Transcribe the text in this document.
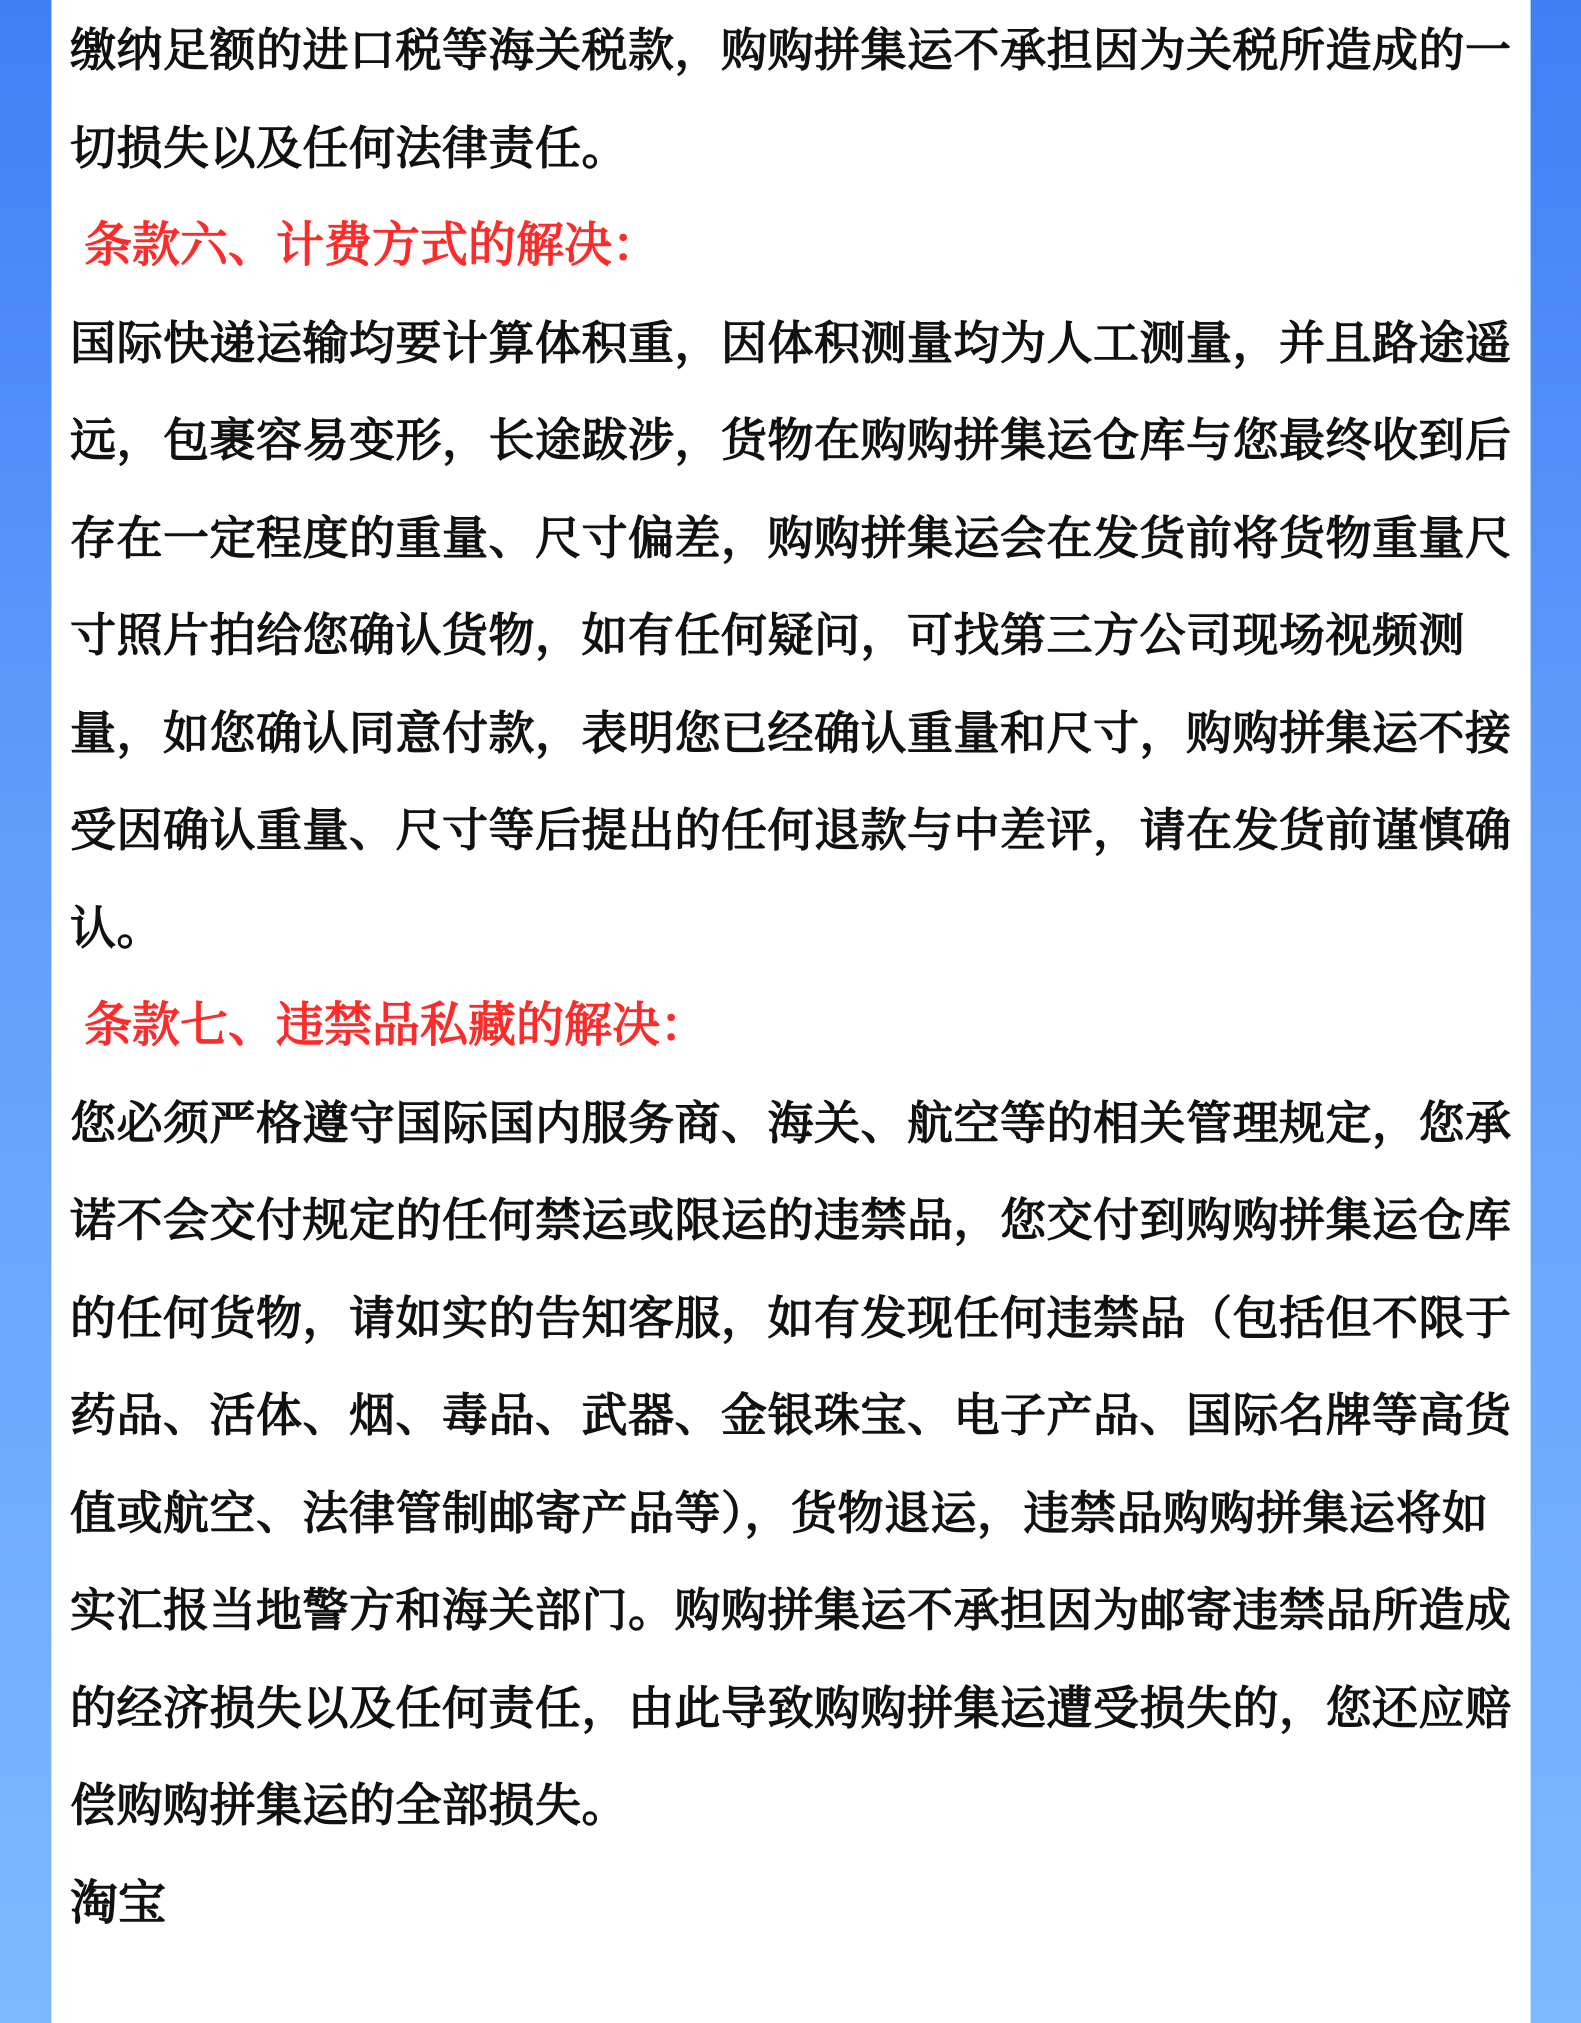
缴纳足额的进口税等海关税款，购购拼集运不承担因为关税所造成的一切损失以及任何法律责任。

条款六、计费方式的解决：

国际快递运输均要计算体积重，因体积测量均为人工测量，并且路途遥远，包裹容易变形，长途跋涉，货物在购购拼集运仓库与您最终收到后存在一定程度的重量、尺寸偏差，购购拼集运会在发货前将货物重量尺寸照片拍给您确认货物，如有任何疑问，可找第三方公司现场视频测量，如您确认同意付款，表明您已经确认重量和尺寸，购购拼集运不接受因确认重量、尺寸等后提出的任何退款与中差评，请在发货前谨慎确认。

条款七、违禁品私藏的解决：

您必须严格遵守国际国内服务商、海关、航空等的相关管理规定，您承诺不会交付规定的任何禁运或限运的违禁品，您交付到购购拼集运仓库的任何货物，请如实的告知客服，如有发现任何违禁品（包括但不限于药品、活体、烟、毒品、武器、金银珠宝、电子产品、国际名牌等高货值或航空、法律管制邮寄产品等），货物退运，违禁品购购拼集运将如实汇报当地警方和海关部门。购购拼集运不承担因为邮寄违禁品所造成的经济损失以及任何责任，由此导致购购拼集运遭受损失的，您还应赔偿购购拼集运的全部损失。

淘宝
